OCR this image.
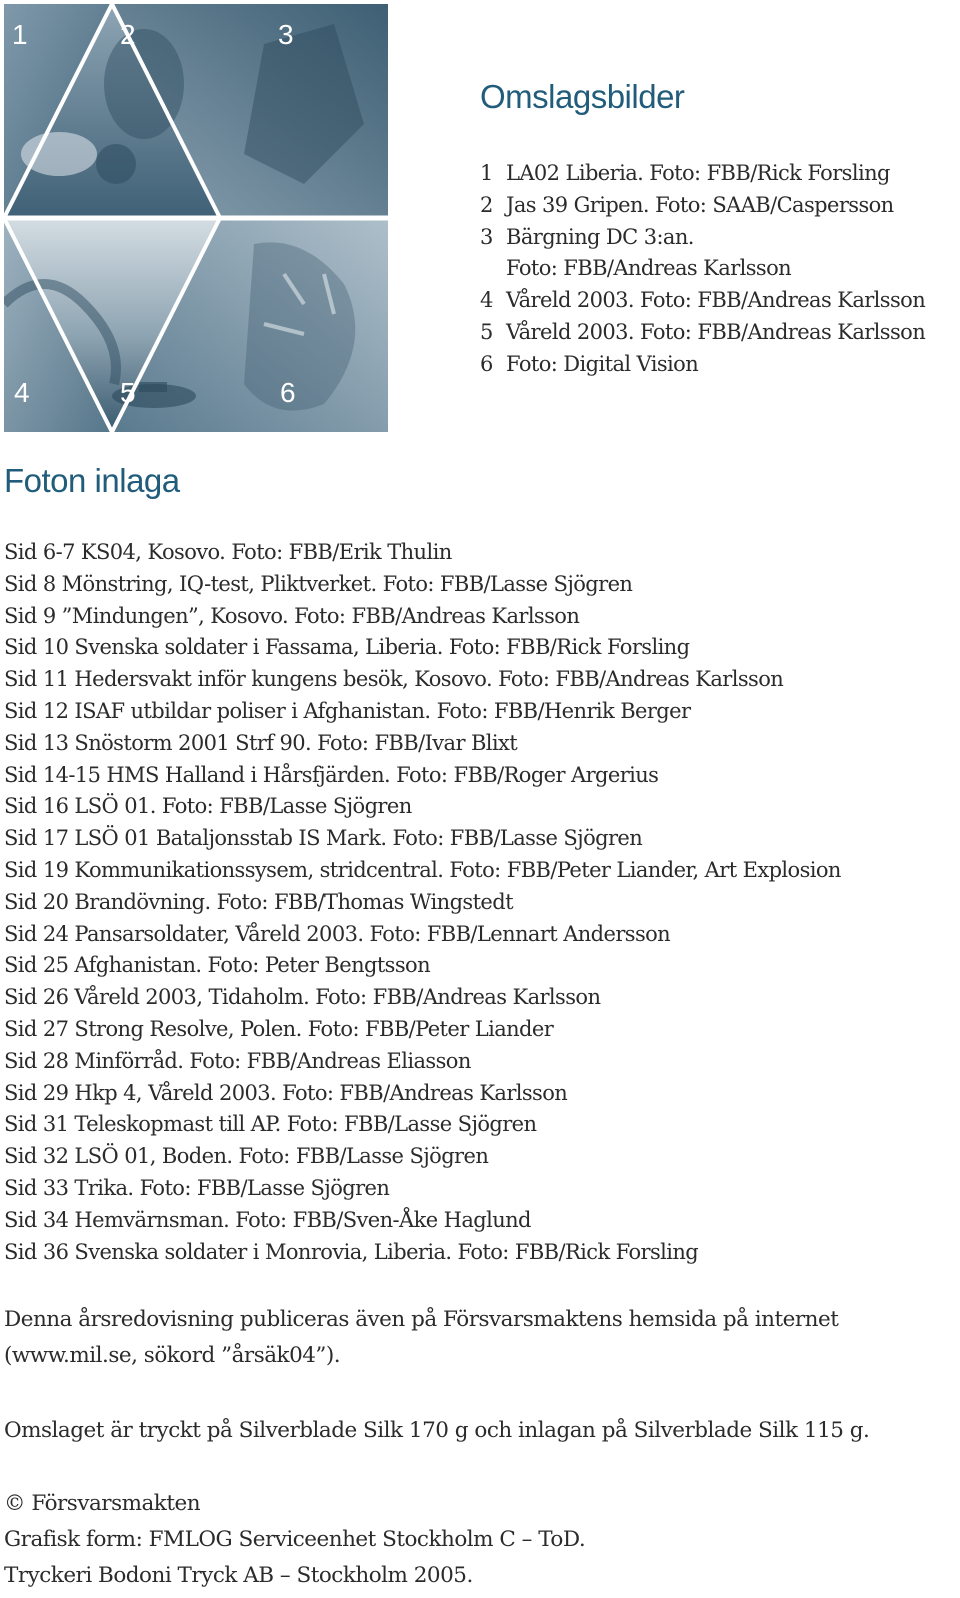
1	2	3
4	5	6
Omslagsbilder
1 LA02 Liberia. Foto: FBB/Rick Forsling
2 Jas 39 Gripen. Foto: SAAB/Caspersson
3 Bärgning DC 3:an.
Foto: FBB/Andreas Karlsson
4 Våreld 2003. Foto: FBB/Andreas Karlsson
5 Våreld 2003. Foto: FBB/Andreas Karlsson
6 Foto: Digital Vision
Foton inlaga
Sid 6-7 KS04, Kosovo. Foto: FBB/Erik Thulin
Sid 8 Mönstring, IQ-test, Pliktverket. Foto: FBB/Lasse Sjögren
Sid 9 ”Mindungen”, Kosovo. Foto: FBB/Andreas Karlsson
Sid 10 Svenska soldater i Fassama, Liberia. Foto: FBB/Rick Forsling
Sid 11 Hedersvakt inför kungens besök, Kosovo. Foto: FBB/Andreas Karlsson
Sid 12 ISAF utbildar poliser i Afghanistan. Foto: FBB/Henrik Berger
Sid 13 Snöstorm 2001 Strf 90. Foto: FBB/Ivar Blixt
Sid 14-15 HMS Halland i Hårsfjärden. Foto: FBB/Roger Argerius
Sid 16 LSÖ 01. Foto: FBB/Lasse Sjögren
Sid 17 LSÖ 01 Bataljonsstab IS Mark. Foto: FBB/Lasse Sjögren
Sid 19 Kommunikationssysem, stridcentral. Foto: FBB/Peter Liander, Art Explosion
Sid 20 Brandövning. Foto: FBB/Thomas Wingstedt
Sid 24 Pansarsoldater, Våreld 2003. Foto: FBB/Lennart Andersson
Sid 25 Afghanistan. Foto: Peter Bengtsson
Sid 26 Våreld 2003, Tidaholm. Foto: FBB/Andreas Karlsson
Sid 27 Strong Resolve, Polen. Foto: FBB/Peter Liander
Sid 28 Minförråd. Foto: FBB/Andreas Eliasson
Sid 29 Hkp 4, Våreld 2003. Foto: FBB/Andreas Karlsson
Sid 31 Teleskopmast till AP. Foto: FBB/Lasse Sjögren
Sid 32 LSÖ 01, Boden. Foto: FBB/Lasse Sjögren
Sid 33 Trika. Foto: FBB/Lasse Sjögren
Sid 34 Hemvärnsman. Foto: FBB/Sven-Åke Haglund
Sid 36 Svenska soldater i Monrovia, Liberia. Foto: FBB/Rick Forsling
Denna årsredovisning publiceras även på Försvarsmaktens hemsida på internet
(www.mil.se, sökord ”årsäk04”).
Omslaget är tryckt på Silverblade Silk 170 g och inlagan på Silverblade Silk 115 g.
© Försvarsmakten
Grafisk form: FMLOG Serviceenhet Stockholm C – ToD.
Tryckeri Bodoni Tryck AB – Stockholm 2005.
